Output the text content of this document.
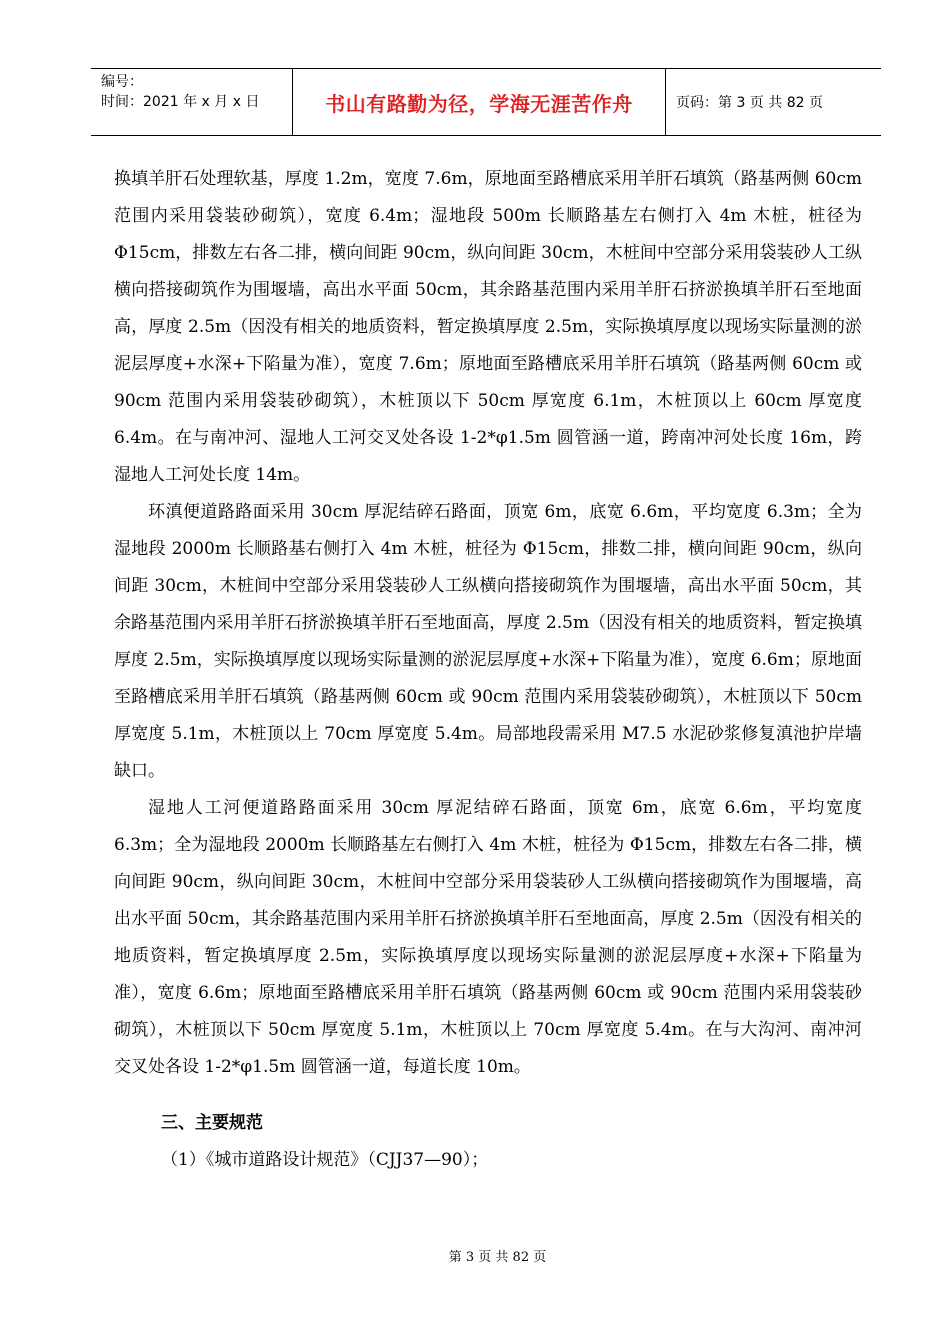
编号：
时间：2021 年 x 月 x 日	书山有路勤为径，学海无涯苦作舟	页码：第 3 页 共 82 页

换填羊肝石处理软基，厚度 1.2m，宽度 7.6m，原地面至路槽底采用羊肝石填筑（路基两侧 60cm 范围内采用袋装砂砌筑），宽度 6.4m；湿地段 500m 长顺路基左右侧打入 4m 木桩，桩径为 Φ15cm，排数左右各二排，横向间距 90cm，纵向间距 30cm，木桩间中空部分采用袋装砂人工纵横向搭接砌筑作为围堰墙，高出水平面 50cm，其余路基范围内采用羊肝石挤淤换填羊肝石至地面高，厚度 2.5m（因没有相关的地质资料，暂定换填厚度 2.5m，实际换填厚度以现场实际量测的淤泥层厚度+水深+下陷量为准），宽度 7.6m；原地面至路槽底采用羊肝石填筑（路基两侧 60cm 或 90cm 范围内采用袋装砂砌筑），木桩顶以下 50cm 厚宽度 6.1m，木桩顶以上 60cm 厚宽度 6.4m。在与南冲河、湿地人工河交叉处各设 1-2*φ1.5m 圆管涵一道，跨南冲河处长度 16m，跨湿地人工河处长度 14m。

环滇便道路路面采用 30cm 厚泥结碎石路面，顶宽 6m，底宽 6.6m，平均宽度 6.3m；全为湿地段 2000m 长顺路基右侧打入 4m 木桩，桩径为 Φ15cm，排数二排，横向间距 90cm，纵向间距 30cm，木桩间中空部分采用袋装砂人工纵横向搭接砌筑作为围堰墙，高出水平面 50cm，其余路基范围内采用羊肝石挤淤换填羊肝石至地面高，厚度 2.5m（因没有相关的地质资料，暂定换填厚度 2.5m，实际换填厚度以现场实际量测的淤泥层厚度+水深+下陷量为准），宽度 6.6m；原地面至路槽底采用羊肝石填筑（路基两侧 60cm 或 90cm 范围内采用袋装砂砌筑），木桩顶以下 50cm 厚宽度 5.1m，木桩顶以上 70cm 厚宽度 5.4m。局部地段需采用 M7.5 水泥砂浆修复滇池护岸墙缺口。

湿地人工河便道路路面采用 30cm 厚泥结碎石路面，顶宽 6m，底宽 6.6m，平均宽度 6.3m；全为湿地段 2000m 长顺路基左右侧打入 4m 木桩，桩径为 Φ15cm，排数左右各二排，横向间距 90cm，纵向间距 30cm，木桩间中空部分采用袋装砂人工纵横向搭接砌筑作为围堰墙，高出水平面 50cm，其余路基范围内采用羊肝石挤淤换填羊肝石至地面高，厚度 2.5m（因没有相关的地质资料，暂定换填厚度 2.5m，实际换填厚度以现场实际量测的淤泥层厚度+水深+下陷量为准），宽度 6.6m；原地面至路槽底采用羊肝石填筑（路基两侧 60cm 或 90cm 范围内采用袋装砂砌筑），木桩顶以下 50cm 厚宽度 5.1m，木桩顶以上 70cm 厚宽度 5.4m。在与大沟河、南冲河交叉处各设 1-2*φ1.5m 圆管涵一道，每道长度 10m。

三、主要规范

（1）《城市道路设计规范》（CJJ37—90）；

第 3 页 共 82 页
